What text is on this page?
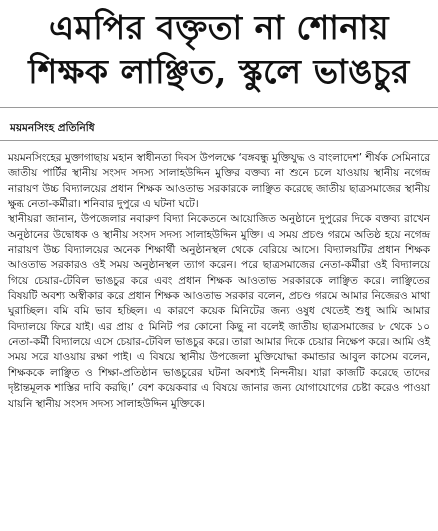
এমপির বক্তৃতা না শোনায়
শিক্ষক লাঞ্ছিত, স্কুলে ভাঙচুর
ময়মনসিংহ প্রতিনিধি

ময়মনসিংহের মুক্তাগাছায় মহান স্বাধীনতা দিবস উপলক্ষে ‘বঙ্গবন্ধু মুক্তিযুদ্ধ ও বাংলাদেশ’ শীর্ষক সেমিনারে জাতীয় পার্টির স্থানীয় সংসদ সদস্য সালাহউদ্দিন মুক্তির বক্তব্য না শুনে চলে যাওয়ায় স্থানীয় নগেন্দ্র নারায়ণ উচ্চ বিদ্যালয়ের প্রধান শিক্ষক আওতাভ সরকারকে লাঞ্ছিত করেছে জাতীয় ছাত্রসমাজের স্থানীয় ক্ষুব্ধ নেতা-কর্মীরা। শনিবার দুপুরে এ ঘটনা ঘটে।

স্থানীয়রা জানান, উপজেলার নবারুণ বিদ্যা নিকেতনে আয়োজিত অনুষ্ঠানে দুপুরের দিকে বক্তব্য রাখেন অনুষ্ঠানের উদ্বোধক ও স্থানীয় সংসদ সদস্য সালাহউদ্দিন মুক্তি। এ সময় প্রচণ্ড গরমে অতিষ্ঠ হয়ে নগেন্দ্র নারায়ণ উচ্চ বিদ্যালয়ের অনেক শিক্ষার্থী অনুষ্ঠানস্থল থেকে বেরিয়ে আসে। বিদ্যালয়টির প্রধান শিক্ষক আওতাভ সরকারও ওই সময় অনুষ্ঠানস্থল ত্যাগ করেন। পরে ছাত্রসমাজের নেতা-কর্মীরা ওই বিদ্যালয়ে গিয়ে চেয়ার-টেবিল ভাঙচুর করে এবং প্রধান শিক্ষক আওতাভ সরকারকে লাঞ্ছিত করে। লাঞ্ছিতের বিষয়টি অবশ্য অস্বীকার করে প্রধান শিক্ষক আওতাভ সরকার বলেন, প্রচণ্ড গরমে আমার নিজেরও মাথা ঘুরাচ্ছিল। বমি বমি ভাব হচ্ছিল। এ কারণে কয়েক মিনিটের জন্য ওষুধ খেতেই শুধু আমি আমার বিদ্যালয়ে ফিরে যাই। এর প্রায় ৫ মিনিট পর কোনো কিছু না বলেই জাতীয় ছাত্রসমাজের ৮ থেকে ১০ নেতা-কর্মী বিদ্যালয়ে এসে চেয়ার-টেবিল ভাঙচুর করে। তারা আমার দিকে চেয়ার নিক্ষেপ করে। আমি ওই সময় সরে যাওয়ায় রক্ষা পাই। এ বিষয়ে স্থানীয় উপজেলা মুক্তিযোদ্ধা কমান্ডার আবুল কাসেম বলেন, শিক্ষককে লাঞ্ছিত ও শিক্ষা-প্রতিষ্ঠান ভাঙচুরের ঘটনা অবশ্যই নিন্দনীয়। যারা কাজটি করেছে তাদের দৃষ্টান্তমূলক শাস্তির দাবি করছি।’ বেশ কয়েকবার এ বিষয়ে জানার জন্য যোগাযোগের চেষ্টা করেও পাওয়া যায়নি স্থানীয় সংসদ সদস্য সালাহউদ্দিন মুক্তিকে।
